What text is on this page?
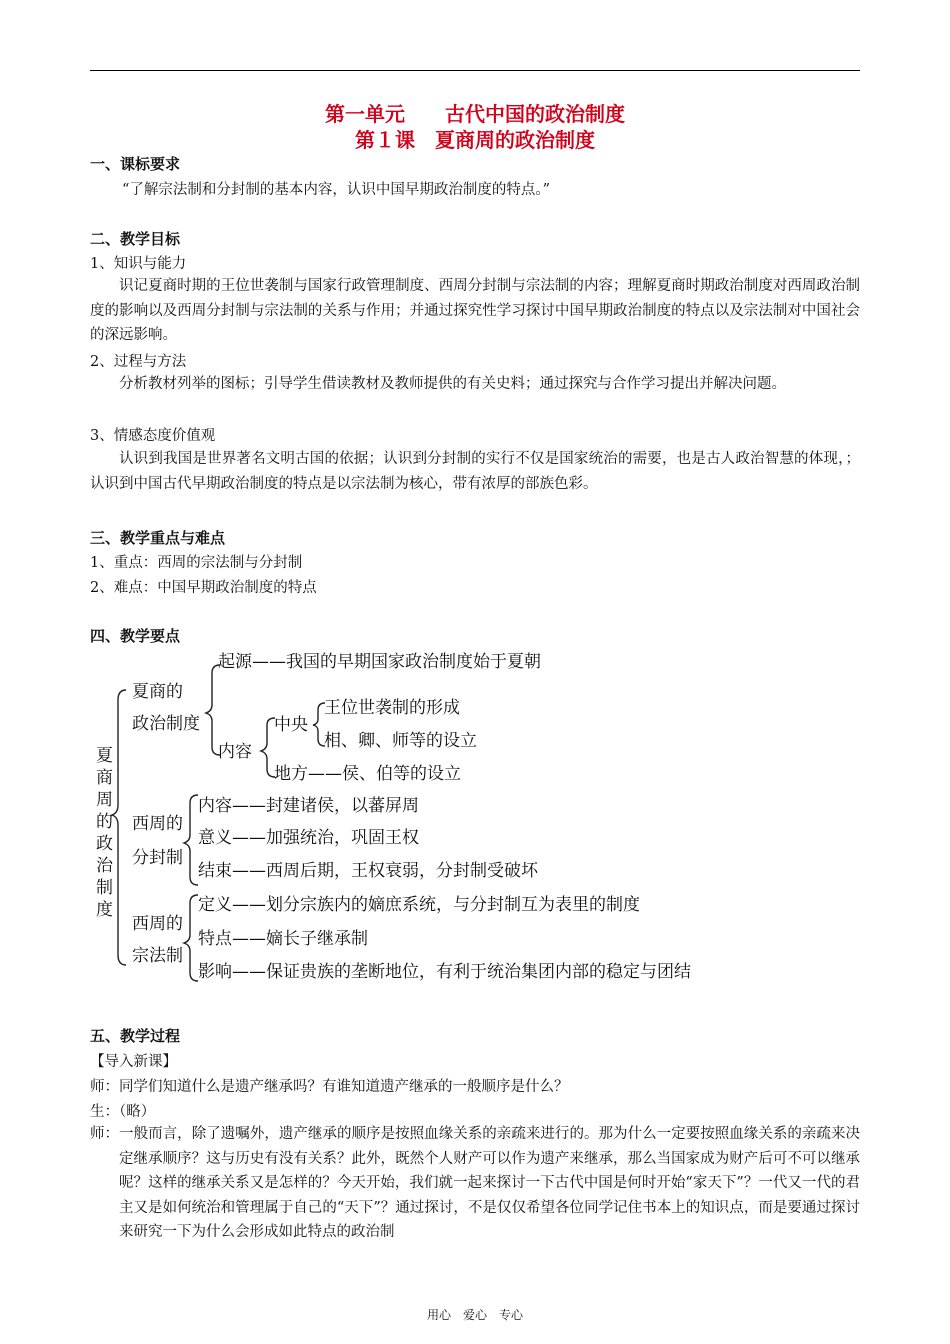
第一单元　　古代中国的政治制度
第１课　夏商周的政治制度
一、课标要求
“了解宗法制和分封制的基本内容，认识中国早期政治制度的特点。”
二、教学目标
1、知识与能力
识记夏商时期的王位世袭制与国家行政管理制度、西周分封制与宗法制的内容；理解夏商时期政治制度对西周政治制度的影响以及西周分封制与宗法制的关系与作用；并通过探究性学习探讨中国早期政治制度的特点以及宗法制对中国社会的深远影响。
2、过程与方法
分析教材列举的图标；引导学生借读教材及教师提供的有关史料；通过探究与合作学习提出并解决问题。
3、情感态度价值观
认识到我国是世界著名文明古国的依据；认识到分封制的实行不仅是国家统治的需要，也是古人政治智慧的体现，；认识到中国古代早期政治制度的特点是以宗法制为核心，带有浓厚的部族色彩。
三、教学重点与难点
1、重点：西周的宗法制与分封制
2、难点：中国早期政治制度的特点
四、教学要点
夏
商
周
的
政
治
制
度
夏商的
政治制度
起源——我国的早期国家政治制度始于夏朝
内容
中央
王位世袭制的形成
相、卿、师等的设立
地方——侯、伯等的设立
西周的
分封制
内容——封建诸侯，以蕃屏周
意义——加强统治，巩固王权
结束——西周后期，王权衰弱，分封制受破坏
西周的
宗法制
定义——划分宗族内的嫡庶系统，与分封制互为表里的制度
特点——嫡长子继承制
影响——保证贵族的垄断地位，有利于统治集团内部的稳定与团结
五、教学过程
【导入新课】
师：同学们知道什么是遗产继承吗？有谁知道遗产继承的一般顺序是什么？
生：（略）
师：一般而言，除了遗嘱外，遗产继承的顺序是按照血缘关系的亲疏来进行的。那为什么一定要按照血缘关系的亲疏来决定继承顺序？这与历史有没有关系？此外，既然个人财产可以作为遗产来继承，那么当国家成为财产后可不可以继承呢？这样的继承关系又是怎样的？今天开始，我们就一起来探讨一下古代中国是何时开始“家天下”？一代又一代的君主又是如何统治和管理属于自己的“天下”？通过探讨，不是仅仅希望各位同学记住书本上的知识点，而是要通过探讨来研究一下为什么会形成如此特点的政治制
用心　爱心　专心
